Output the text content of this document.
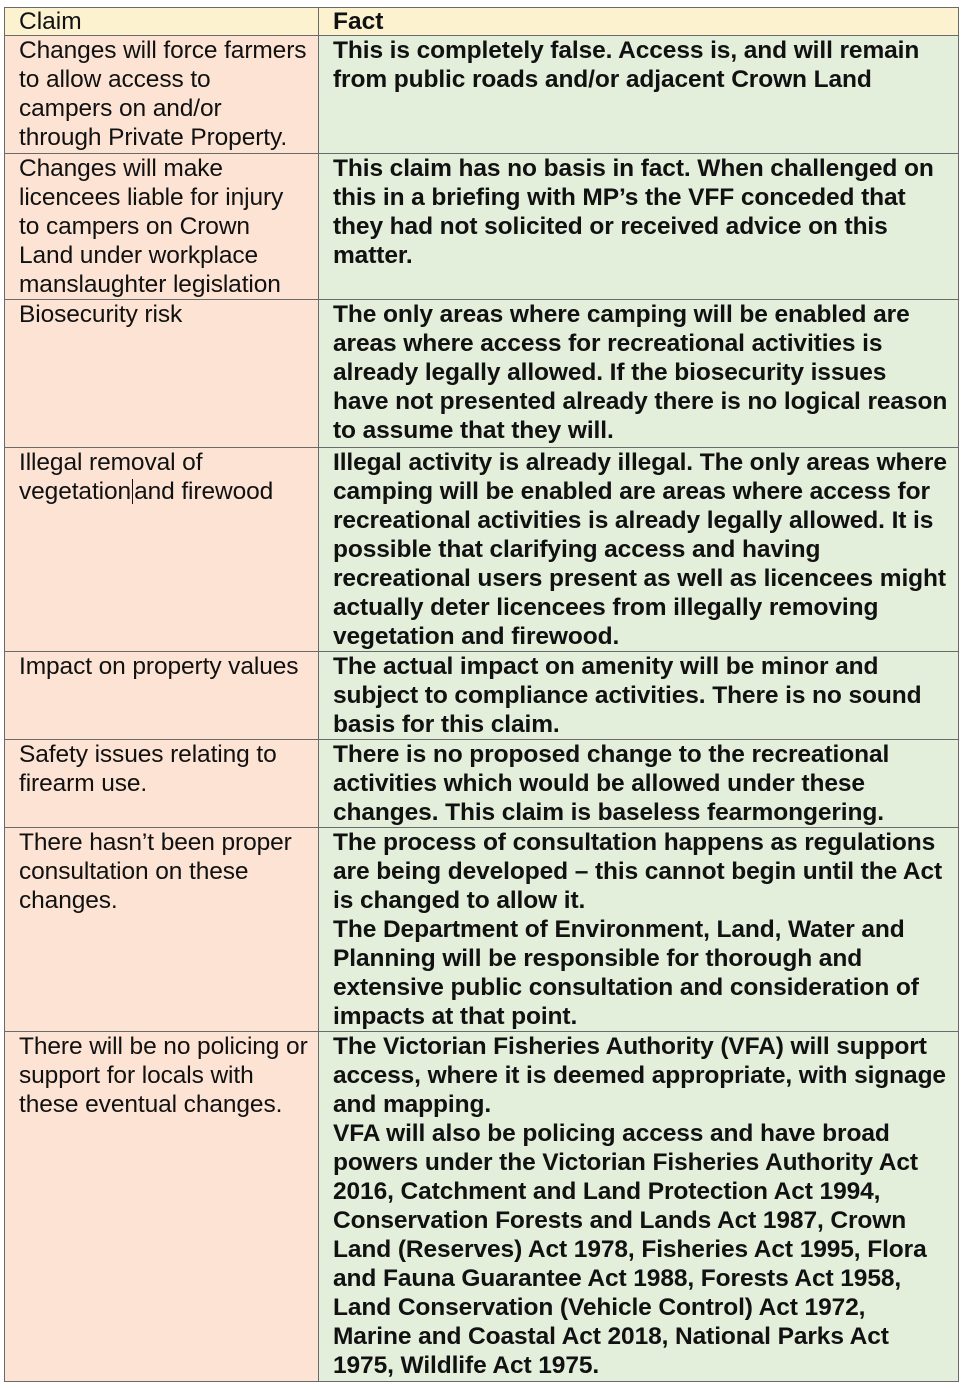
Claim	Fact
Changes will force farmers to allow access to campers on and/or through Private Property.	This is completely false. Access is, and will remain from public roads and/or adjacent Crown Land

Changes will make licencees liable for injury to campers on Crown Land under workplace manslaughter legislation	This claim has no basis in fact. When challenged on this in a briefing with MP’s the VFF conceded that they had not solicited or received advice on this matter.

Biosecurity risk	The only areas where camping will be enabled are areas where access for recreational activities is already legally allowed. If the biosecurity issues have not presented already there is no logical reason to assume that they will.

Illegal removal of vegetation and firewood	Illegal activity is already illegal. The only areas where camping will be enabled are areas where access for recreational activities is already legally allowed. It is possible that clarifying access and having recreational users present as well as licencees might actually deter licencees from illegally removing vegetation and firewood.

Impact on property values	The actual impact on amenity will be minor and subject to compliance activities. There is no sound basis for this claim.

Safety issues relating to firearm use.	There is no proposed change to the recreational activities which would be allowed under these changes. This claim is baseless fearmongering.

There hasn’t been proper consultation on these changes.	The process of consultation happens as regulations are being developed – this cannot begin until the Act is changed to allow it.
The Department of Environment, Land, Water and Planning will be responsible for thorough and extensive public consultation and consideration of impacts at that point.

There will be no policing or support for locals with these eventual changes.	The Victorian Fisheries Authority (VFA) will support access, where it is deemed appropriate, with signage and mapping.
VFA will also be policing access and have broad powers under the Victorian Fisheries Authority Act 2016, Catchment and Land Protection Act 1994, Conservation Forests and Lands Act 1987, Crown Land (Reserves) Act 1978, Fisheries Act 1995, Flora and Fauna Guarantee Act 1988, Forests Act 1958, Land Conservation (Vehicle Control) Act 1972, Marine and Coastal Act 2018, National Parks Act 1975, Wildlife Act 1975.
